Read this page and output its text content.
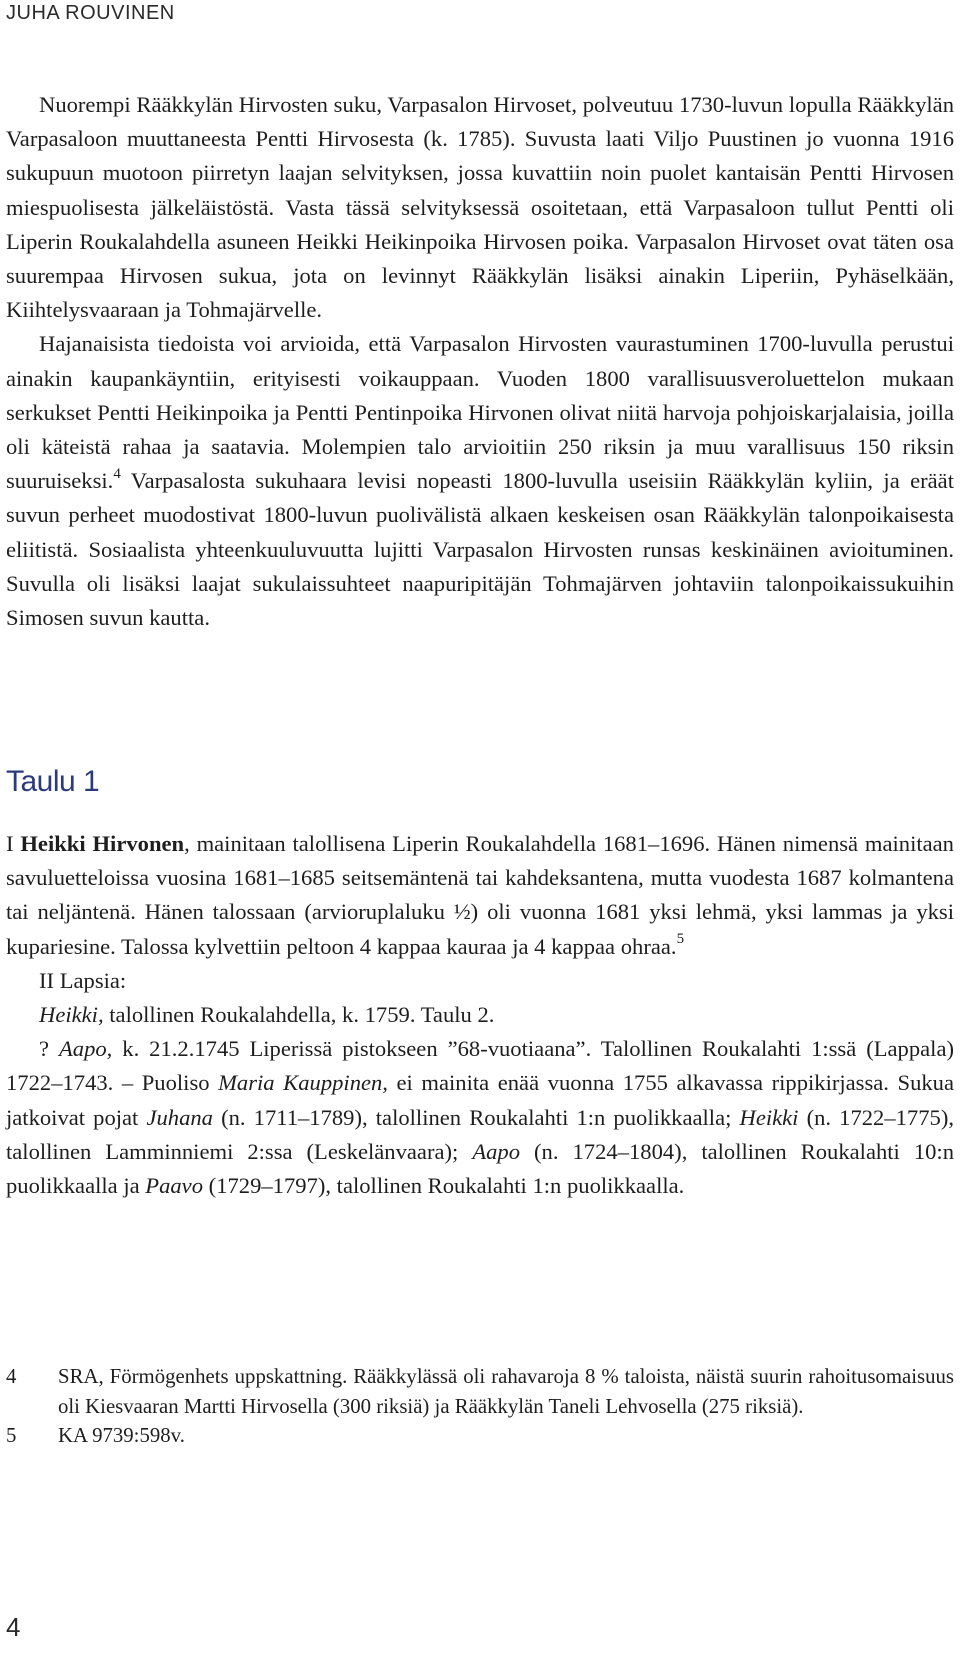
JUHA ROUVINEN

Nuorempi Rääkkylän Hirvosten suku, Varpasalon Hirvoset, polveutuu 1730-luvun lopulla Rääkkylän Varpasaloon muuttaneesta Pentti Hirvosesta (k. 1785). Suvusta laati Viljo Puustinen jo vuonna 1916 sukupuun muotoon piirretyn laajan selvityksen, jossa kuvattiin noin puolet kantaisän Pentti Hirvosen miespuolisesta jälkeläistöstä. Vasta tässä selvityksessä osoitetaan, että Varpasaloon tullut Pentti oli Liperin Roukalahdella asuneen Heikki Heikinpoika Hirvosen poika. Varpasalon Hirvoset ovat täten osa suurempaa Hirvosen sukua, jota on levinnyt Rääkkylän lisäksi ainakin Liperiin, Pyhäselkään, Kiihtelysvaaraan ja Tohmajärvelle.

Hajanaisista tiedoista voi arvioida, että Varpasalon Hirvosten vaurastuminen 1700-luvulla perustui ainakin kaupankäyntiin, erityisesti voikauppaan. Vuoden 1800 varallisuusveroluettelon mukaan serkukset Pentti Heikinpoika ja Pentti Pentinpoika Hirvonen olivat niitä harvoja pohjoiskarjalaisia, joilla oli käteistä rahaa ja saatavia. Molempien talo arvioitiin 250 riksin ja muu varallisuus 150 riksin suuruiseksi.$^4$ Varpasalosta sukuhaara levisi nopeasti 1800-luvulla useisiin Rääkkylän kyliin, ja eräät suvun perheet muodostivat 1800-luvun puolivälistä alkaen keskeisen osan Rääkkylän talonpoikaisesta eliitistä. Sosiaalista yhteenkuuluvuutta lujitti Varpasalon Hirvosten runsas keskinäinen avioituminen. Suvulla oli lisäksi laajat sukulaissuhteet naapuripitäjän Tohmajärven johtaviin talonpoikaissukuihin Simosen suvun kautta.

Taulu 1

I Heikki Hirvonen, mainitaan talollisena Liperin Roukalahdella 1681–1696. Hänen nimensä mainitaan savuluetteloissa vuosina 1681–1685 seitsemäntenä tai kahdeksantena, mutta vuodesta 1687 kolmantena tai neljäntenä. Hänen talossaan (arvioruplaluku ½) oli vuonna 1681 yksi lehmä, yksi lammas ja yksi kupariesine. Talossa kylvettiin peltoon 4 kappaa kauraa ja 4 kappaa ohraa.$^5$

II Lapsia:

Heikki, talollinen Roukalahdella, k. 1759. Taulu 2.

? Aapo, k. 21.2.1745 Liperissä pistokseen ”68-vuotiaana”. Talollinen Roukalahti 1:ssä (Lappala) 1722–1743. – Puoliso Maria Kauppinen, ei mainita enää vuonna 1755 alkavassa rippikirjassa. Sukua jatkoivat pojat Juhana (n. 1711–1789), talollinen Roukalahti 1:n puolikkaalla; Heikki (n. 1722–1775), talollinen Lamminniemi 2:ssa (Leskelänvaara); Aapo (n. 1724–1804), talollinen Roukalahti 10:n puolikkaalla ja Paavo (1729–1797), talollinen Roukalahti 1:n puolikkaalla.

4	SRA, Förmögenhets uppskattning. Rääkkylässä oli rahavaroja 8 % taloista, näistä suurin rahoitusomaisuus oli Kiesvaaran Martti Hirvosella (300 riksiä) ja Rääkkylän Taneli Lehvosella (275 riksiä).
5	KA 9739:598v.
4
